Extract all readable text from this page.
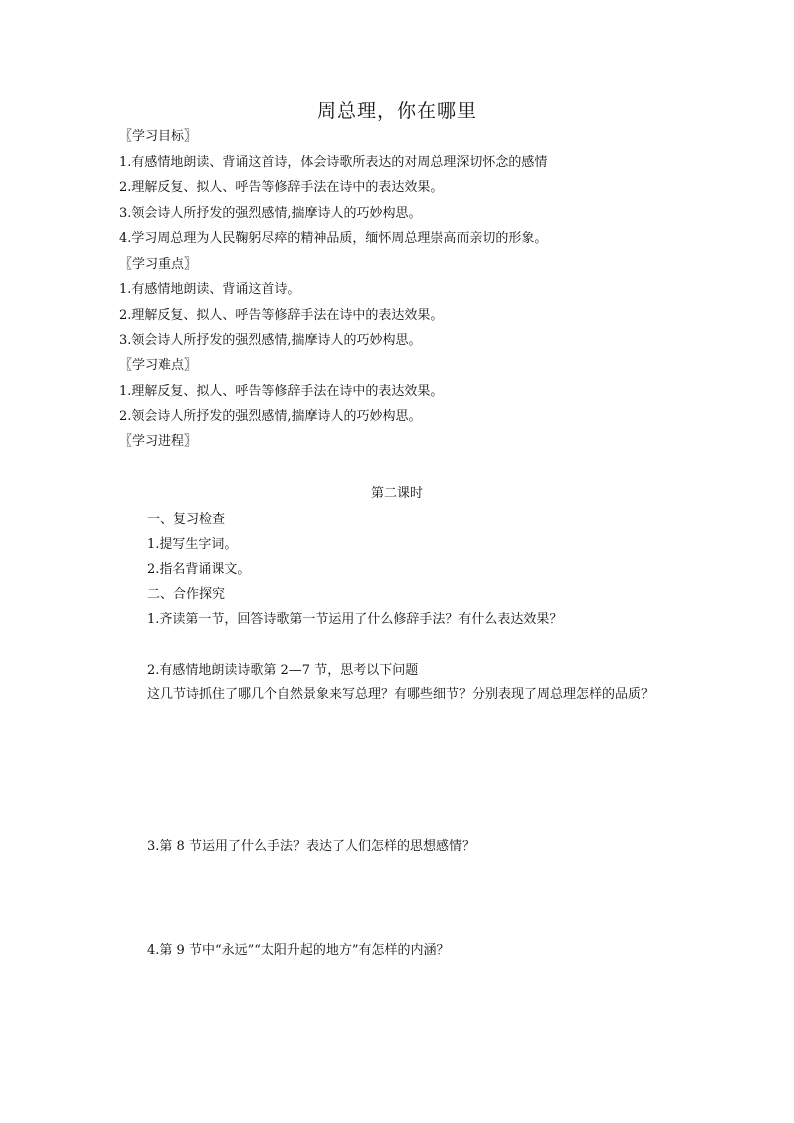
周总理，你在哪里
〖学习目标〗
1.有感情地朗读、背诵这首诗，体会诗歌所表达的对周总理深切怀念的感情
2.理解反复、拟人、呼告等修辞手法在诗中的表达效果。
3.领会诗人所抒发的强烈感情,揣摩诗人的巧妙构思。
4.学习周总理为人民鞠躬尽瘁的精神品质，缅怀周总理崇高而亲切的形象。
〖学习重点〗
1.有感情地朗读、背诵这首诗。
2.理解反复、拟人、呼告等修辞手法在诗中的表达效果。
3.领会诗人所抒发的强烈感情,揣摩诗人的巧妙构思。
〖学习难点〗
1.理解反复、拟人、呼告等修辞手法在诗中的表达效果。
2.领会诗人所抒发的强烈感情,揣摩诗人的巧妙构思。
〖学习进程〗
第二课时
一、复习检查
1.提写生字词。
2.指名背诵课文。
二、合作探究
1.齐读第一节，回答诗歌第一节运用了什么修辞手法？有什么表达效果？
2.有感情地朗读诗歌第 2—7 节，思考以下问题
这几节诗抓住了哪几个自然景象来写总理？有哪些细节？分别表现了周总理怎样的品质？
3.第 8 节运用了什么手法？表达了人们怎样的思想感情？
4.第 9 节中“永远”“太阳升起的地方”有怎样的内涵？
